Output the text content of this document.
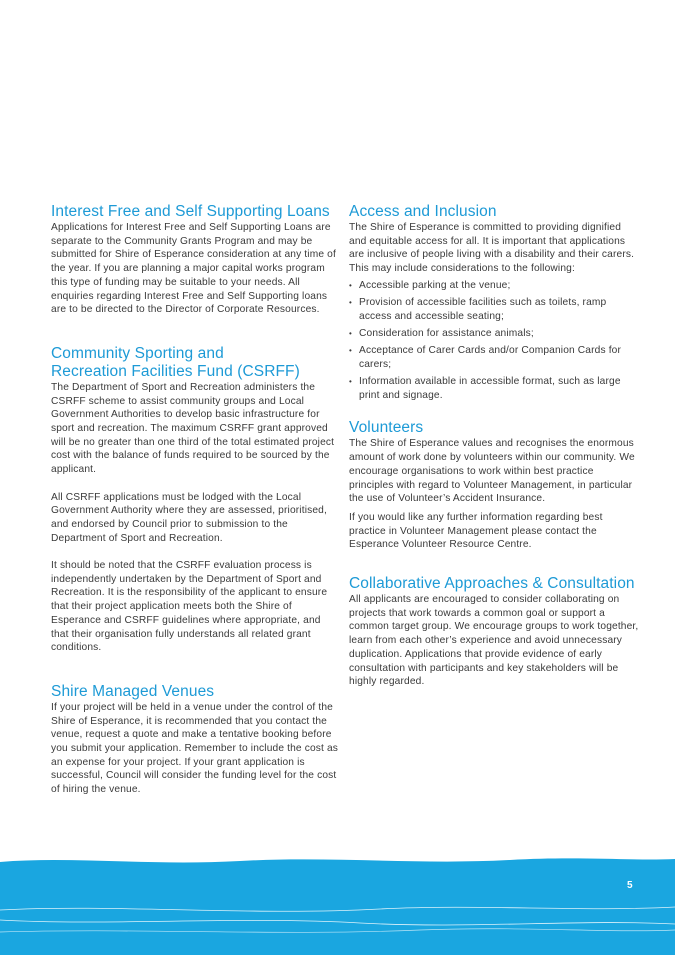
Interest Free and Self Supporting Loans

Applications for Interest Free and Self Supporting Loans are separate to the Community Grants Program and may be submitted for Shire of Esperance consideration at any time of the year. If you are planning a major capital works program this type of funding may be suitable to your needs. All enquiries regarding Interest Free and Self Supporting loans are to be directed to the Director of Corporate Resources.

Community Sporting and Recreation Facilities Fund (CSRFF)

The Department of Sport and Recreation administers the CSRFF scheme to assist community groups and Local Government Authorities to develop basic infrastructure for sport and recreation. The maximum CSRFF grant approved will be no greater than one third of the total estimated project cost with the balance of funds required to be sourced by the applicant.

All CSRFF applications must be lodged with the Local Government Authority where they are assessed, prioritised, and endorsed by Council prior to submission to the Department of Sport and Recreation.

It should be noted that the CSRFF evaluation process is independently undertaken by the Department of Sport and Recreation. It is the responsibility of the applicant to ensure that their project application meets both the Shire of Esperance and CSRFF guidelines where appropriate, and that their organisation fully understands all related grant conditions.

Shire Managed Venues

If your project will be held in a venue under the control of the Shire of Esperance, it is recommended that you contact the venue, request a quote and make a tentative booking before you submit your application. Remember to include the cost as an expense for your project. If your grant application is successful, Council will consider the funding level for the cost of hiring the venue.

Access and Inclusion

The Shire of Esperance is committed to providing dignified and equitable access for all. It is important that applications are inclusive of people living with a disability and their carers. This may include considerations to the following:

• Accessible parking at the venue;
• Provision of accessible facilities such as toilets, ramp access and accessible seating;
• Consideration for assistance animals;
• Acceptance of Carer Cards and/or Companion Cards for carers;
• Information available in accessible format, such as large print and signage.
Volunteers

The Shire of Esperance values and recognises the enormous amount of work done by volunteers within our community. We encourage organisations to work within best practice principles with regard to Volunteer Management, in particular the use of Volunteer’s Accident Insurance.

If you would like any further information regarding best practice in Volunteer Management please contact the Esperance Volunteer Resource Centre.

Collaborative Approaches & Consultation

All applicants are encouraged to consider collaborating on projects that work towards a common goal or support a common target group. We encourage groups to work together, learn from each other’s experience and avoid unnecessary duplication. Applications that provide evidence of early consultation with participants and key stakeholders will be highly regarded.

5
